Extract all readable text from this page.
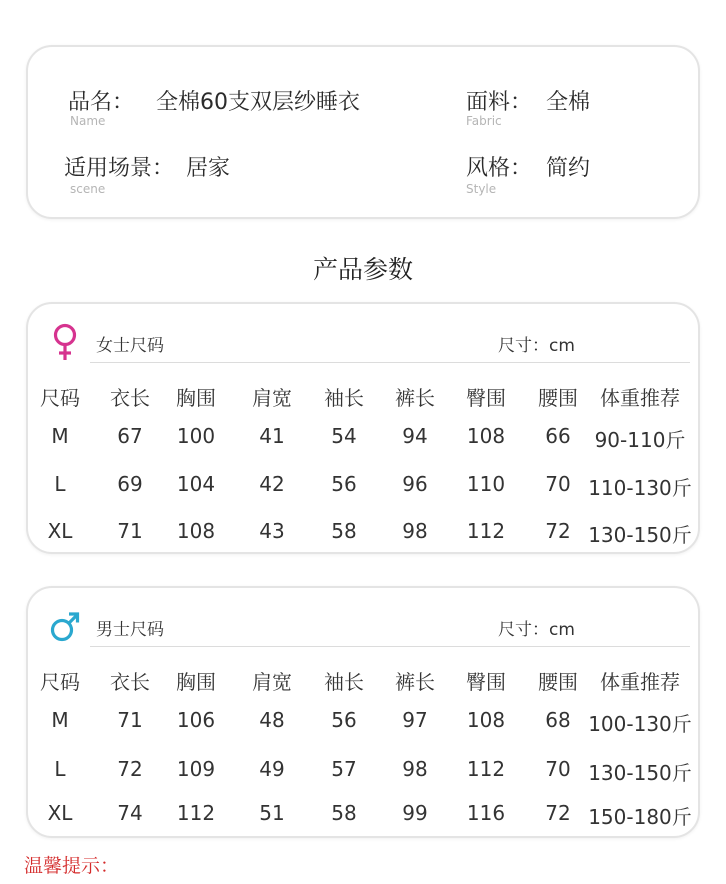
品名：
Name
全棉60支双层纱睡衣	面料：
Fabric
全棉
适用场景：
scene
居家	风格：
Style
简约
产品参数
女士尺码	尺寸：cm
尺码 衣长 胸围 肩宽 袖长 裤长 臀围 腰围 体重推荐
M 67 100 41 54 94 108 66 90-110斤
L	69 104 42 56 96 110 70 110-130斤
XL 71 108 43 58 98 112 72 130-150斤
男士尺码	尺寸：cm
尺码 衣长 胸围 肩宽 袖长 裤长 臀围 腰围 体重推荐
M 71 106 48 56 97 108 68 100-130斤
L	72 109 49 57 98 112 70 130-150斤
XL 74 112 51 58 99 116 72 150-180斤
温馨提示：
